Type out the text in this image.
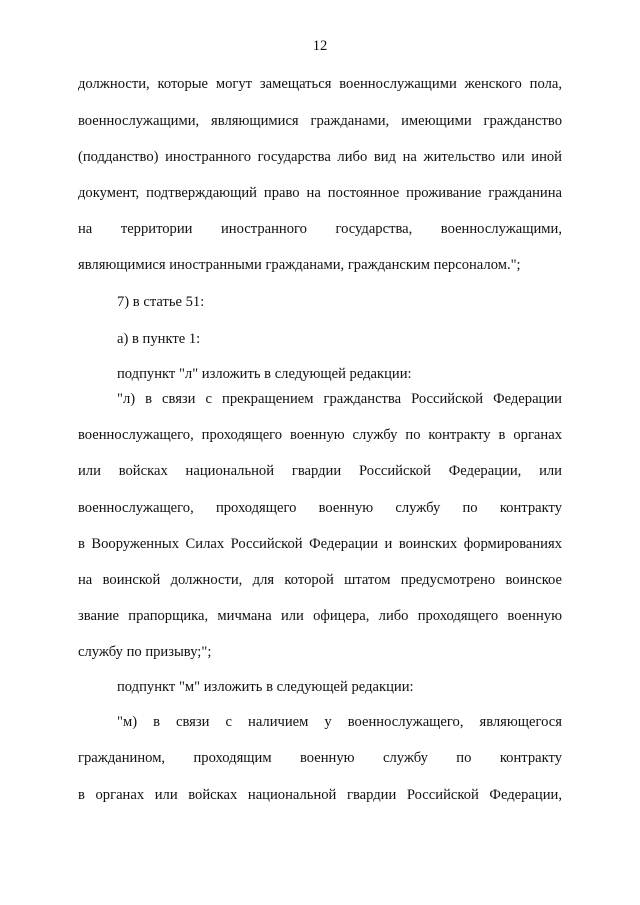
12
должности, которые могут замещаться военнослужащими женского пола,
военнослужащими, являющимися гражданами, имеющими гражданство
(подданство) иностранного государства либо вид на жительство или иной
документ, подтверждающий право на постоянное проживание гражданина
на территории иностранного государства, военнослужащими,
являющимися иностранными гражданами, гражданским персоналом.";
7) в статье 51:
а) в пункте 1:
подпункт "л" изложить в следующей редакции:
"л) в связи с прекращением гражданства Российской Федерации
военнослужащего, проходящего военную службу по контракту в органах
или войсках национальной гвардии Российской Федерации, или
военнослужащего, проходящего военную службу по контракту
в Вооруженных Силах Российской Федерации и воинских формированиях
на воинской должности, для которой штатом предусмотрено воинское
звание прапорщика, мичмана или офицера, либо проходящего военную
службу по призыву;";
подпункт "м" изложить в следующей редакции:
"м) в связи с наличием у военнослужащего, являющегося
гражданином, проходящим военную службу по контракту
в органах или войсках национальной гвардии Российской Федерации,
